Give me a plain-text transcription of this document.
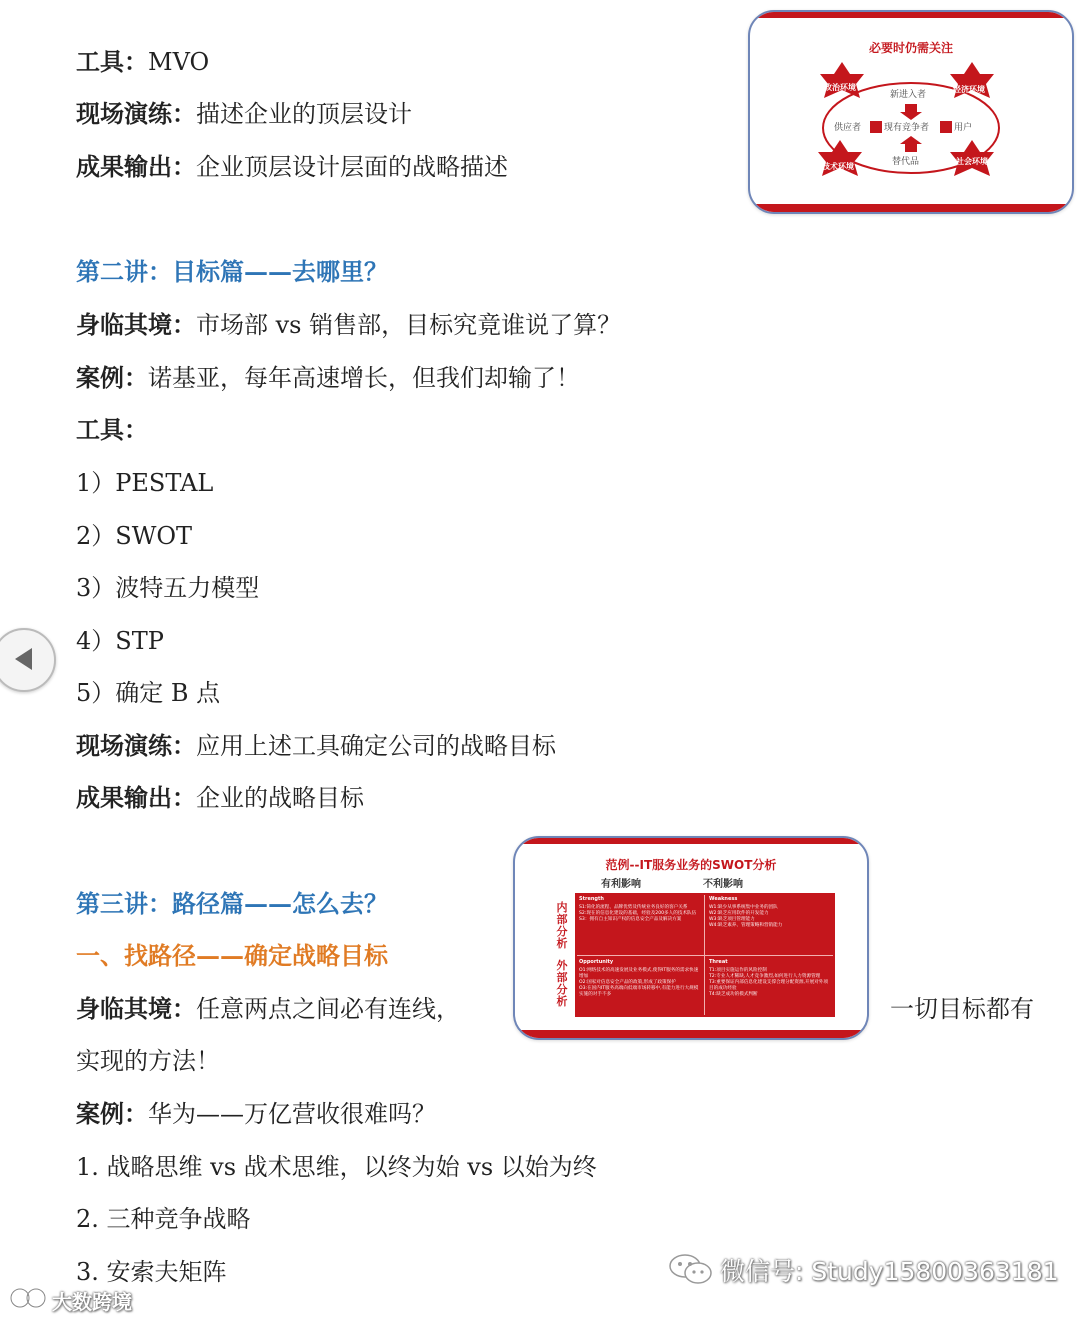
工具：MVO
现场演练：描述企业的顶层设计
成果输出：企业顶层设计层面的战略描述
第二讲：目标篇——去哪里？
身临其境：市场部 vs 销售部，目标究竟谁说了算？
案例：诺基亚，每年高速增长，但我们却输了！
工具：
1）PESTAL
2）SWOT
3）波特五力模型
4）STP
5）确定 B 点
现场演练：应用上述工具确定公司的战略目标
成果输出：企业的战略目标
第三讲：路径篇——怎么去？
一、找路径——确定战略目标
身临其境：任意两点之间必有连线，	一切目标都有
实现的方法！
案例：华为——万亿营收很难吗？
1. 战略思维 vs 战术思维，以终为始 vs 以始为终
2. 三种竞争战略
3. 安索夫矩阵
必要时仍需关注
政治环境	经济环境
技术环境
社会环境
新进入者
供应者	现有竞争者	用户
替代品
范例--IT服务业务的SWOT分析
有利影响	不利影响
内部分析
外部分析
Strength
S1:简化的流程、品牌优势及传统业务良好的客户关系
S2:现在的信息化建设的基础，经验及200多人的技术队伍
S3：拥有自主知识产权的信息安全产品及解决方案
Weakness
W1:缺少从事系统集中业务的团队
W2:缺乏应用软件的开发能力
W3:缺乏项目管理能力
W4:缺乏素养、管理策略和营销能力
Opportunity
O1:网络技术的高速发展及业务模式,使得IT服务的需求快速增加
O2:国家对信息安全产品的政策,形成了政策保护
O3:在国内IT服务高端向低端市场转移中,有能力进行大规模实施的对手不多
Threat
T1:项目实施运作的风险控制
T2:专业人才稀缺,人才竞争激烈,如何进行人力资源管理
T3:重要保证内部信息化建设支撑合理分配资源,开展对外项目的成功经验
T4:缺乏成功的模式判断
微信号: Study15800363181
大数跨境
